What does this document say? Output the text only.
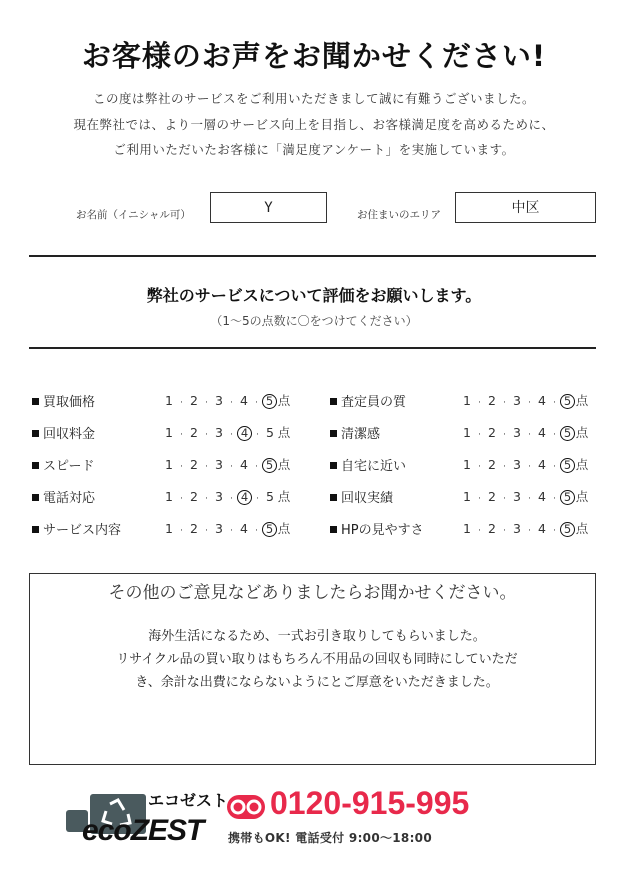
お客様のお声をお聞かせください!
この度は弊社のサービスをご利用いただきまして誠に有難うございました。
現在弊社では、より一層のサービス向上を目指し、お客様満足度を高めるために、
ご利用いただいたお客様に「満足度アンケート」を実施しています。
お名前（イニシャル可）	Y	お住まいのエリア	中区
弊社のサービスについて評価をお願いします。
（1〜5の点数に〇をつけてください）
買取価格	1 · 2 · 3 · 4 · 5 点
回収料金	1 · 2 · 3 · 4 · 5 点
スピード	1 · 2 · 3 · 4 · 5 点
電話対応	1 · 2 · 3 · 4 · 5 点
サービス内容	1 · 2 · 3 · 4 · 5 点
査定員の質	1 · 2 · 3 · 4 · 5 点
清潔感	1 · 2 · 3 · 4 · 5 点
自宅に近い	1 · 2 · 3 · 4 · 5 点
回収実績	1 · 2 · 3 · 4 · 5 点
HPの見やすさ	1 · 2 · 3 · 4 · 5 点
その他のご意見などありましたらお聞かせください。
海外生活になるため、一式お引き取りしてもらいました。
リサイクル品の買い取りはもちろん不用品の回収も同時にしていただ
き、余計な出費にならないようにとご厚意をいただきました。
エコゼスト
ecoZEST
0120-915-995
携帯もOK! 電話受付 9:00〜18:00
